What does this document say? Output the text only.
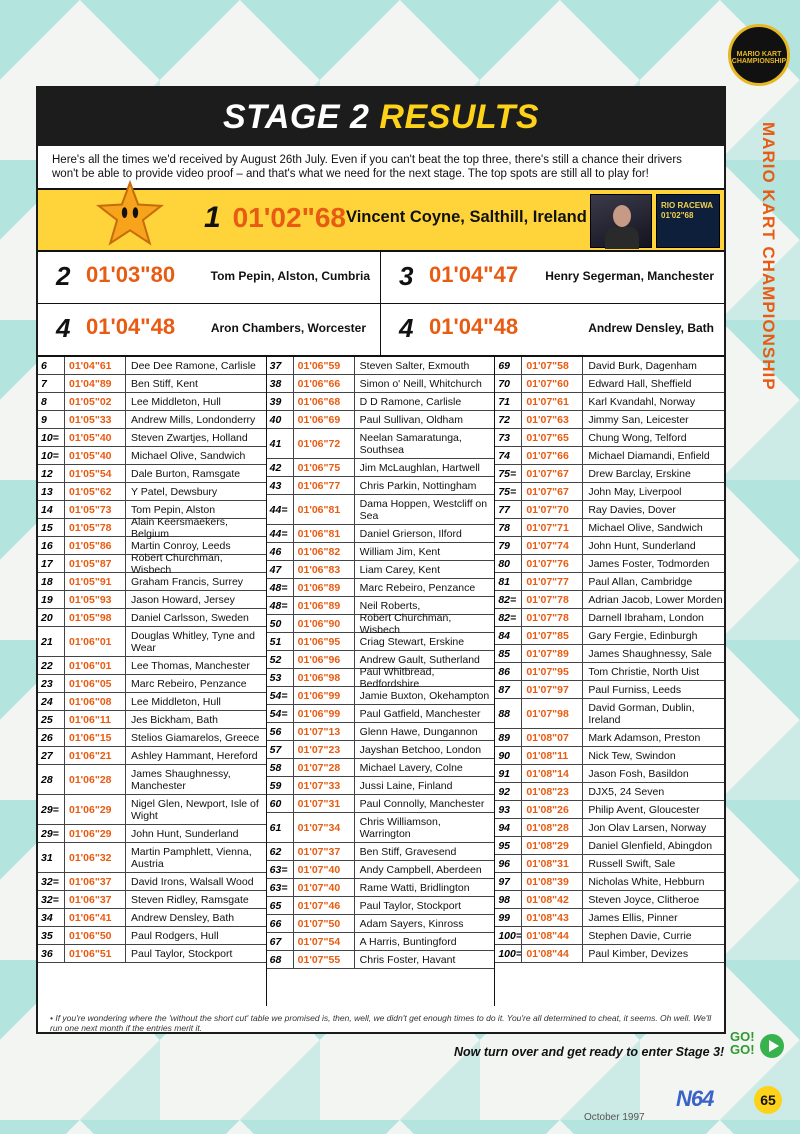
MARIO KART CHAMPIONSHIP
MARIO KART CHAMPIONSHIP
STAGE 2 RESULTS
Here's all the times we'd received by August 26th July. Even if you can't beat the top three, there's still a chance their drivers won't be able to provide video proof – and that's what we need for the next stage. The top spots are still all to play for!
1 01'02"68 Vincent Coyne, Salthill, Ireland
RIO RACEWA 01'02"68
2 01'03"80	Tom Pepin, Alston, Cumbria 3 01'04"47 Henry Segerman, Manchester
4 01'04"48	Aron Chambers, Worcester 4 01'04"48	Andrew Densley, Bath
6	01'04"61	Dee Dee Ramone, Carlisle
7	01'04"89	Ben Stiff, Kent
8	01'05"02	Lee Middleton, Hull
9	01'05"33	Andrew Mills, Londonderry
10= 01'05"40	Steven Zwartjes, Holland
10= 01'05"40	Michael Olive, Sandwich
12	01'05"54	Dale Burton, Ramsgate
13	01'05"62	Y Patel, Dewsbury
14	01'05"73	Tom Pepin, Alston
15	01'05"78	Alain Keersmaekers, Belgium
16	01'05"86	Martin Conroy, Leeds
17	01'05"87	Robert Churchman, Wisbech
18	01'05"91	Graham Francis, Surrey
19	01'05"93	Jason Howard, Jersey
20	01'05"98	Daniel Carlsson, Sweden
21	01'06"01	Douglas Whitley, Tyne and Wear
22	01'06"01	Lee Thomas, Manchester
23	01'06"05	Marc Rebeiro, Penzance
24	01'06"08	Lee Middleton, Hull
25	01'06"11	Jes Bickham, Bath
26	01'06"15	Stelios Giamarelos, Greece
27	01'06"21	Ashley Hammant, Hereford
28	01'06"28	James Shaughnessy, Manchester
29= 01'06"29	Nigel Glen, Newport, Isle of Wight
29= 01'06"29	John Hunt, Sunderland
31	01'06"32	Martin Pamphlett, Vienna, Austria
32= 01'06"37	David Irons, Walsall Wood
32= 01'06"37	Steven Ridley, Ramsgate
34	01'06"41	Andrew Densley, Bath
35	01'06"50	Paul Rodgers, Hull
36	01'06"51	Paul Taylor, Stockport
37	01'06"59	Steven Salter, Exmouth
38	01'06"66	Simon o' Neill, Whitchurch
39	01'06"68	D D Ramone, Carlisle
40	01'06"69	Paul Sullivan, Oldham
41	01'06"72	Neelan Samaratunga, Southsea
42	01'06"75	Jim McLaughlan, Hartwell
43	01'06"77	Chris Parkin, Nottingham
44= 01'06"81	Dama Hoppen, Westcliff on Sea
44= 01'06"81	Daniel Grierson, Ilford
46	01'06"82	William Jim, Kent
47	01'06"83	Liam Carey, Kent
48= 01'06"89	Marc Rebeiro, Penzance
48= 01'06"89	Neil Roberts,
50	01'06"90	Robert Churchman, Wisbech
51	01'06"95	Criag Stewart, Erskine
52	01'06"96	Andrew Gault, Sutherland
53	01'06"98	Paul Whitbread, Bedfordshire
54= 01'06"99	Jamie Buxton, Okehampton
54= 01'06"99	Paul Gatfield, Manchester
56	01'07"13	Glenn Hawe, Dungannon
57	01'07"23	Jayshan Betchoo, London
58	01'07"28	Michael Lavery, Colne
59	01'07"33	Jussi Laine, Finland
60	01'07"31	Paul Connolly, Manchester
61	01'07"34	Chris Williamson, Warrington
62	01'07"37	Ben Stiff, Gravesend
63= 01'07"40	Andy Campbell, Aberdeen
63= 01'07"40	Rame Watti, Bridlington
65	01'07"46	Paul Taylor, Stockport
66	01'07"50	Adam Sayers, Kinross
67	01'07"54	A Harris, Buntingford
68	01'07"55	Chris Foster, Havant
69	01'07"58	David Burk, Dagenham
70	01'07"60	Edward Hall, Sheffield
71	01'07"61	Karl Kvandahl, Norway
72	01'07"63	Jimmy San, Leicester
73	01'07"65	Chung Wong, Telford
74	01'07"66	Michael Diamandi, Enfield
75= 01'07"67	Drew Barclay, Erskine
75= 01'07"67	John May, Liverpool
77	01'07"70	Ray Davies, Dover
78	01'07"71	Michael Olive, Sandwich
79	01'07"74	John Hunt, Sunderland
80	01'07"76	James Foster, Todmorden
81	01'07"77	Paul Allan, Cambridge
82= 01'07"78	Adrian Jacob, Lower Morden
82= 01'07"78	Darnell Ibraham, London
84	01'07"85	Gary Fergie, Edinburgh
85	01'07"89	James Shaughnessy, Sale
86	01'07"95	Tom Christie, North Uist
87	01'07"97	Paul Furniss, Leeds
88	01'07"98	David Gorman, Dublin, Ireland
89	01'08"07	Mark Adamson, Preston
90	01'08"11	Nick Tew, Swindon
91	01'08"14	Jason Fosh, Basildon
92	01'08"23	DJX5, 24 Seven
93	01'08"26	Philip Avent, Gloucester
94	01'08"28	Jon Olav Larsen, Norway
95	01'08"29	Daniel Glenfield, Abingdon
96	01'08"31	Russell Swift, Sale
97	01'08"39	Nicholas White, Hebburn
98	01'08"42	Steven Joyce, Clitheroe
99	01'08"43	James Ellis, Pinner
100= 01'08"44	Stephen Davie, Currie
100= 01'08"44	Paul Kimber, Devizes
• If you're wondering where the 'without the short cut' table we promised is, then, well, we didn't get enough times to do it. You're all determined to cheat, it seems. Oh well. We'll run one next month if the entries merit it.
Now turn over and get ready to enter Stage 3!
GO!
GO!
N64	65
October 1997
